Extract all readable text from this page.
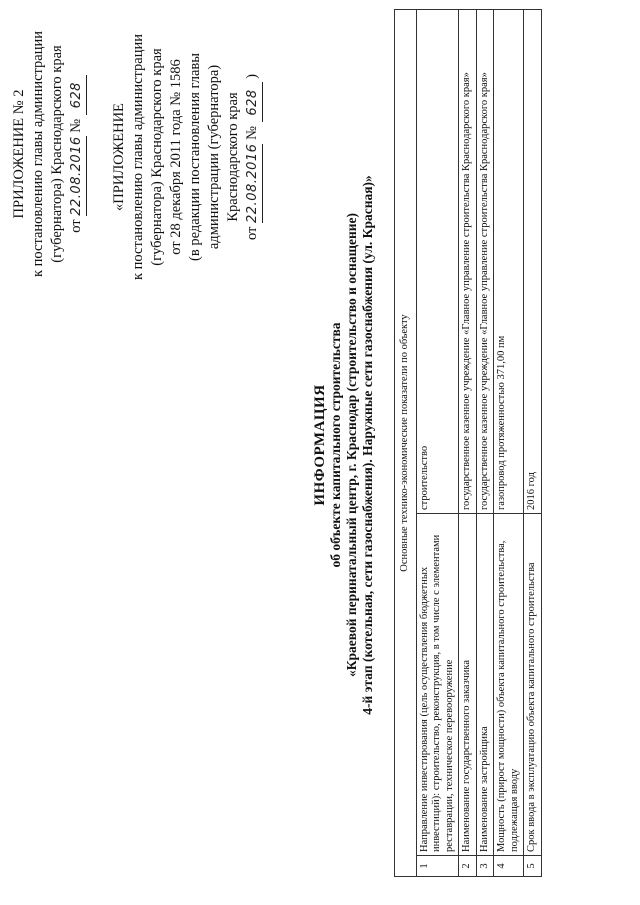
ПРИЛОЖЕНИЕ № 2 к постановлению главы администрации (губернатора) Краснодарского края от 22.08.2016 № 628
«ПРИЛОЖЕНИЕ к постановлению главы администрации (губернатора) Краснодарского края от 28 декабря 2011 года № 1586 (в редакции постановления главы администрации (губернатора) Краснодарского края
от 22.08.2016 № 628 )
ИНФОРМАЦИЯ об объекте капитального строительства «Краевой перинатальный центр, г. Краснодар (строительство и оснащение) 4-й этап (котельная, сети газоснабжения). Наружные сети газоснабжения (ул. Красная)» Основные технико-экономические показатели по объекту		
1	Направление инвестирования (цель осуществления бюджетных инвестиций): строительство, реконструкция, в том числе с элементами реставрации, техническое перевооружение	строительство
2	Наименование государственного заказчика	государственное казенное учреждение «Главное управление строительства Краснодарского края»
3	Наименование застройщика	государственное казенное учреждение «Главное управление строительства Краснодарского края»
4	Мощность (прирост мощности) объекта капитального строительства, подлежащая вводу	газопровод протяженностью 371,00 пм
5	Срок ввода в эксплуатацию объекта капитального строительства	2016 год
